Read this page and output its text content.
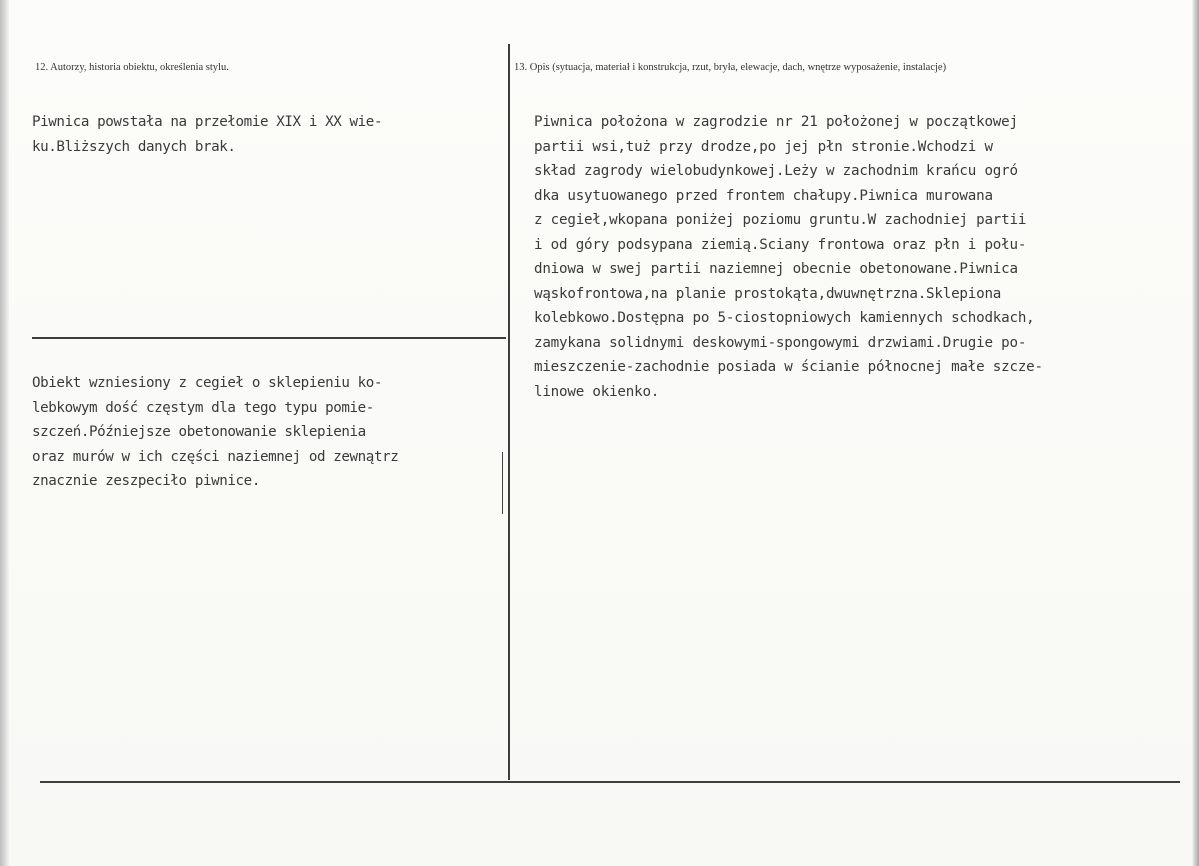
12. Autorzy, historia obiektu, określenia stylu.	13. Opis (sytuacja, materiał i konstrukcja, rzut, bryła, elewacje, dach, wnętrze wyposażenie, instalacje)
Piwnica powstała na przełomie XIX i XX wie-
ku.Bliższych danych brak.
Obiekt wzniesiony z cegieł o sklepieniu ko-
lebkowym dość częstym dla tego typu pomie-
szczeń.Późniejsze obetonowanie sklepienia
oraz murów w ich części naziemnej od zewnątrz
znacznie zeszpeciło piwnice.
Piwnica położona w zagrodzie nr 21 położonej w początkowej
partii wsi,tuż przy drodze,po jej płn stronie.Wchodzi w
skład zagrody wielobudynkowej.Leży w zachodnim krańcu ogró
dka usytuowanego przed frontem chałupy.Piwnica murowana
z cegieł,wkopana poniżej poziomu gruntu.W zachodniej partii
i od góry podsypana ziemią.Sciany frontowa oraz płn i połu-
dniowa w swej partii naziemnej obecnie obetonowane.Piwnica
wąskofrontowa,na planie prostokąta,dwuwnętrzna.Sklepiona
kolebkowo.Dostępna po 5-ciostopniowych kamiennych schodkach,
zamykana solidnymi deskowymi-spongowymi drzwiami.Drugie po-
mieszczenie-zachodnie posiada w ścianie północnej małe szcze-
linowe okienko.
